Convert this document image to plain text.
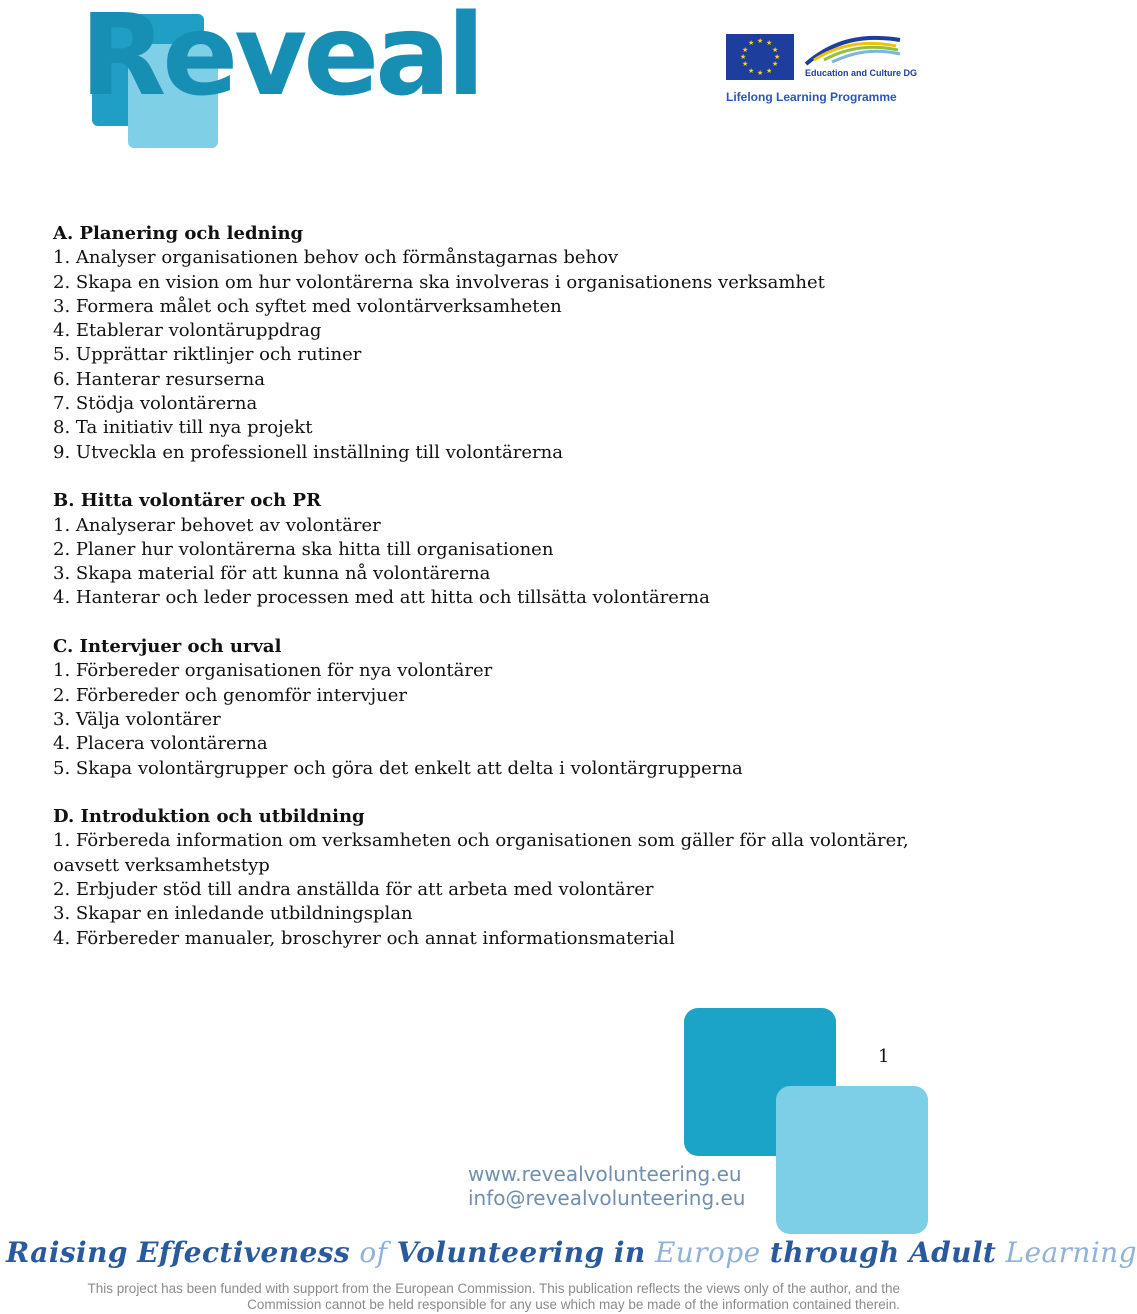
Reveal	★ ★
★
★
★
★
★
★
★
★
★
★
Education and Culture DG
Lifelong Learning Programme
A. Planering och ledning
1. Analyser organisationen behov och förmånstagarnas behov
2. Skapa en vision om hur volontärerna ska involveras i organisationens verksamhet
3. Formera målet och syftet med volontärverksamheten
4. Etablerar volontäruppdrag
5. Upprättar riktlinjer och rutiner
6. Hanterar resurserna
7. Stödja volontärerna
8. Ta initiativ till nya projekt
9. Utveckla en professionell inställning till volontärerna
B. Hitta volontärer och PR
1. Analyserar behovet av volontärer
2. Planer hur volontärerna ska hitta till organisationen
3. Skapa material för att kunna nå volontärerna
4. Hanterar och leder processen med att hitta och tillsätta volontärerna
C. Intervjuer och urval
1. Förbereder organisationen för nya volontärer
2. Förbereder och genomför intervjuer
3. Välja volontärer
4. Placera volontärerna
5. Skapa volontärgrupper och göra det enkelt att delta i volontärgrupperna
D. Introduktion och utbildning
1. Förbereda information om verksamheten och organisationen som gäller för alla volontärer, oavsett verksamhetstyp
2. Erbjuder stöd till andra anställda för att arbeta med volontärer
3. Skapar en inledande utbildningsplan
4. Förbereder manualer, broschyrer och annat informationsmaterial
1
www.revealvolunteering.eu
info@revealvolunteering.eu
Raising Effectiveness of Volunteering in Europe through Adult Learning
This project has been funded with support from the European Commission. This publication reflects the views only of the author, and the
Commission cannot be held responsible for any use which may be made of the information contained therein.
